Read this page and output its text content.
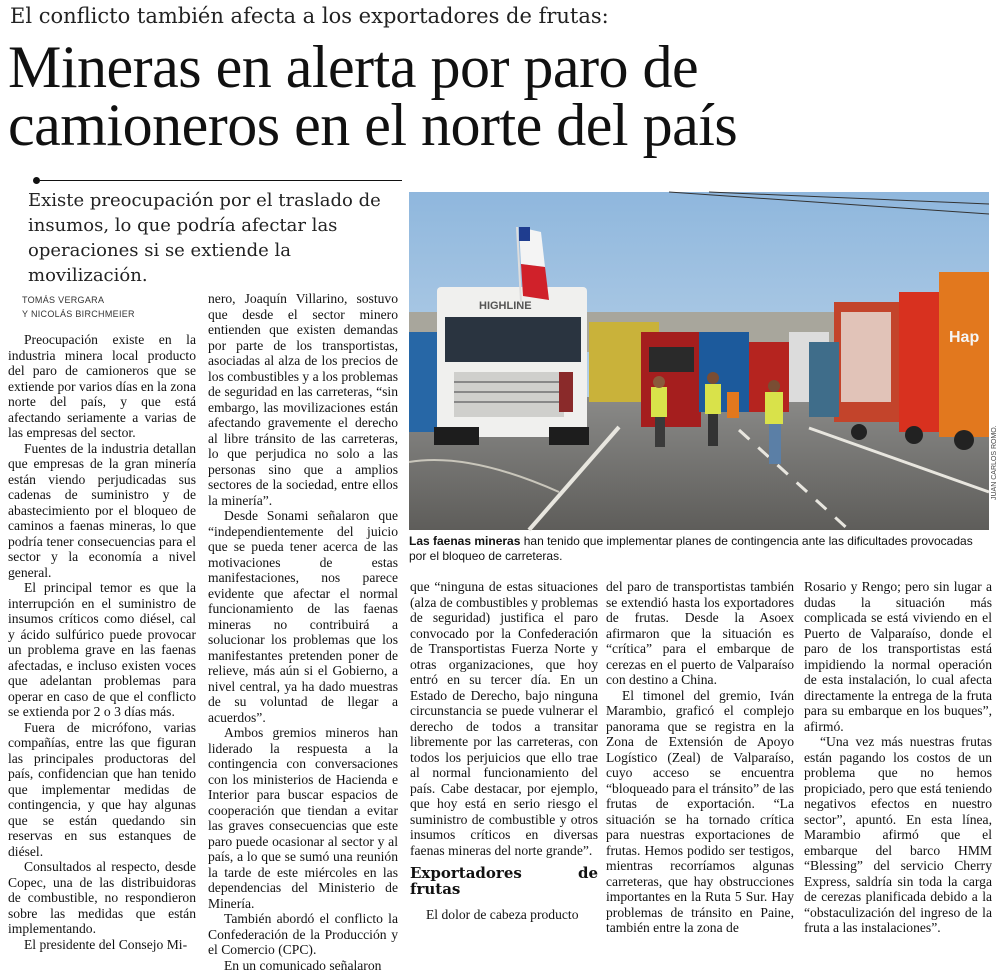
El conflicto también afecta a los exportadores de frutas:
Mineras en alerta por paro de
camioneros en el norte del país
Existe preocupación por el traslado de insumos, lo que podría afectar las operaciones si se extiende la movilización.
TOMÁS VERGARA
Y NICOLÁS BIRCHMEIER

Preocupación existe en la industria minera local producto del paro de camioneros que se extiende por varios días en la zona norte del país, y que está afectando seriamente a varias de las empresas del sector.

Fuentes de la industria detallan que empresas de la gran minería están viendo perjudicadas sus cadenas de suministro y de abastecimiento por el bloqueo de caminos a faenas mineras, lo que podría tener consecuencias para el sector y la economía a nivel general.

El principal temor es que la interrupción en el suministro de insumos críticos como diésel, cal y ácido sulfúrico puede provocar un problema grave en las faenas afectadas, e incluso existen voces que adelantan problemas para operar en caso de que el conflicto se extienda por 2 o 3 días más.

Fuera de micrófono, varias compañías, entre las que figuran las principales productoras del país, confidencian que han tenido que implementar medidas de contingencia, y que hay algunas que se están quedando sin reservas en sus estanques de diésel.

Consultados al respecto, desde Copec, una de las distribuidoras de combustible, no respondieron sobre las medidas que están implementando.

El presidente del Consejo Mi-

nero, Joaquín Villarino, sostuvo que desde el sector minero entienden que existen demandas por parte de los transportistas, asociadas al alza de los precios de los combustibles y a los problemas de seguridad en las carreteras, “sin embargo, las movilizaciones están afectando gravemente el derecho al libre tránsito de las carreteras, lo que perjudica no solo a las personas sino que a amplios sectores de la sociedad, entre ellos la minería”.

Desde Sonami señalaron que “independientemente del juicio que se pueda tener acerca de las motivaciones de estas manifestaciones, nos parece evidente que afectar el normal funcionamiento de las faenas mineras no contribuirá a solucionar los problemas que los manifestantes pretenden poner de relieve, más aún si el Gobierno, a nivel central, ya ha dado muestras de su voluntad de llegar a acuerdos”.

Ambos gremios mineros han liderado la respuesta a la contingencia con conversaciones con los ministerios de Hacienda e Interior para buscar espacios de cooperación que tiendan a evitar las graves consecuencias que este paro puede ocasionar al sector y al país, a lo que se sumó una reunión la tarde de este miércoles en las dependencias del Ministerio de Minería.

También abordó el conflicto la Confederación de la Producción y el Comercio (CPC).

En un comunicado señalaron

HIGHLINE
Hap
JUAN CARLOS ROMO.
Las faenas mineras han tenido que implementar planes de contingencia ante las dificultades provocadas por el bloqueo de carreteras.

que “ninguna de estas situaciones (alza de combustibles y problemas de seguridad) justifica el paro convocado por la Confederación de Transportistas Fuerza Norte y otras organizaciones, que hoy entró en su tercer día. En un Estado de Derecho, bajo ninguna circunstancia se puede vulnerar el derecho de todos a transitar libremente por las carreteras, con todos los perjuicios que ello trae al normal funcionamiento del país. Cabe destacar, por ejemplo, que hoy está en serio riesgo el suministro de combustible y otros insumos críticos en diversas faenas mineras del norte grande”.

Exportadores de frutas

El dolor de cabeza producto

del paro de transportistas también se extendió hasta los exportadores de frutas. Desde la Asoex afirmaron que la situación es “crítica” para el embarque de cerezas en el puerto de Valparaíso con destino a China.

El timonel del gremio, Iván Marambio, graficó el complejo panorama que se registra en la Zona de Extensión de Apoyo Logístico (Zeal) de Valparaíso, cuyo acceso se encuentra “bloqueado para el tránsito” de las frutas de exportación. “La situación se ha tornado crítica para nuestras exportaciones de frutas. Hemos podido ser testigos, mientras recorríamos algunas carreteras, que hay obstrucciones importantes en la Ruta 5 Sur. Hay problemas de tránsito en Paine, también entre la zona de

Rosario y Rengo; pero sin lugar a dudas la situación más complicada se está viviendo en el Puerto de Valparaíso, donde el paro de los transportistas está impidiendo la normal operación de esta instalación, lo cual afecta directamente la entrega de la fruta para su embarque en los buques”, afirmó.

“Una vez más nuestras frutas están pagando los costos de un problema que no hemos propiciado, pero que está teniendo negativos efectos en nuestro sector”, apuntó. En esta línea, Marambio afirmó que el embarque del barco HMM “Blessing” del servicio Cherry Express, saldría sin toda la carga de cerezas planificada debido a la “obstaculización del ingreso de la fruta a las instalaciones”.
